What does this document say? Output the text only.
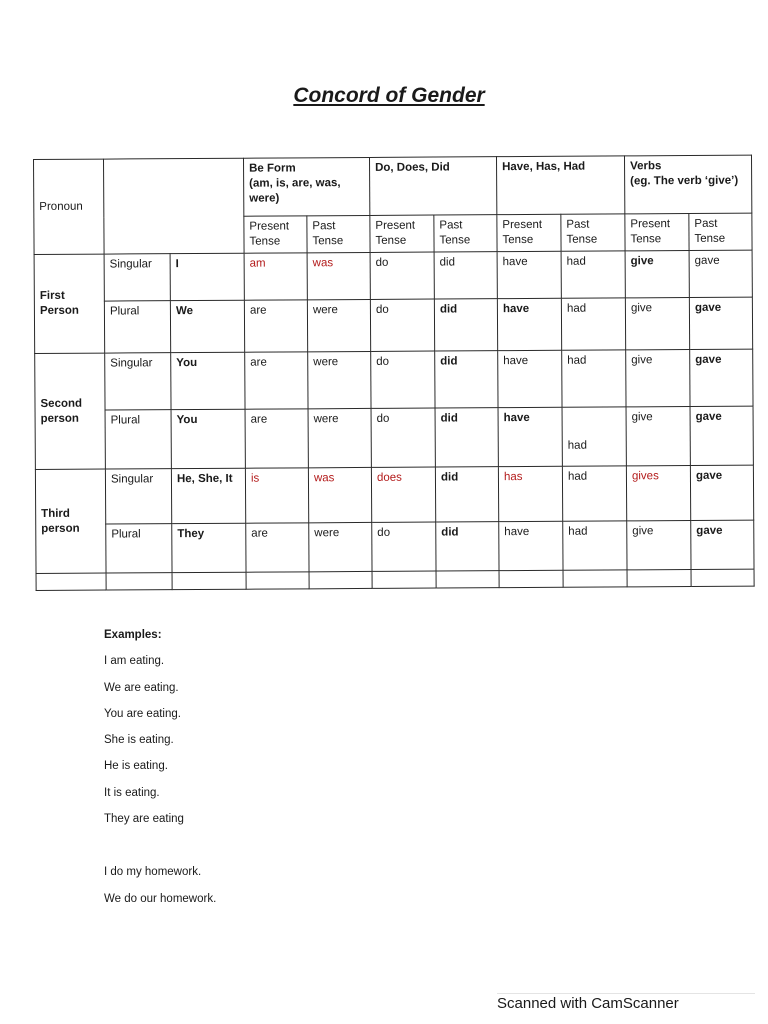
Concord of Gender
Pronoun			Be Form
(am, is, are, was,
were)		Do, Does, Did		Have, Has, Had		Verbs
(eg. The verb ‘give’)	
			Present
Tense	Past
Tense	Present
Tense	Past
Tense	Present
Tense	Past
Tense	Present
Tense	Past
Tense
First
Person	Singular	I	am	was	do	did	have	had	give	gave
	Plural	We	are	were	do	did	have	had	give	gave
Second
person	Singular	You	are	were	do	did	have	had	give	gave
	Plural	You	are	were	do	did	have	had	give	gave
Third
person	Singular	He, She, It	is	was	does	did	has	had	gives	gave
	Plural	They	are	were	do	did	have	had	give	gave

Examples:
I am eating.
We are eating.
You are eating.
She is eating.
He is eating.
It is eating.
They are eating
I do my homework.
We do our homework.
Scanned with CamScanner
